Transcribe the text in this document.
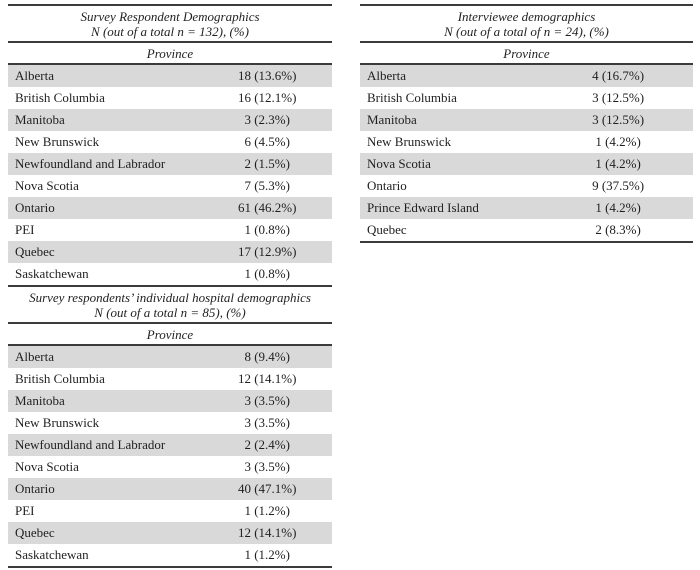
Survey Respondent Demographics
N (out of a total n = 132), (%)
Province
Alberta	18 (13.6%)
British Columbia	16 (12.1%)
Manitoba	3 (2.3%)
New Brunswick	6 (4.5%)
Newfoundland and Labrador	2 (1.5%)
Nova Scotia	7 (5.3%)
Ontario	61 (46.2%)
PEI	1 (0.8%)
Quebec	17 (12.9%)
Saskatchewan	1 (0.8%)
Survey respondents’ individual hospital demographics
N (out of a total n = 85), (%)
Province
Alberta	8 (9.4%)
British Columbia	12 (14.1%)
Manitoba	3 (3.5%)
New Brunswick	3 (3.5%)
Newfoundland and Labrador	2 (2.4%)
Nova Scotia	3 (3.5%)
Ontario	40 (47.1%)
PEI	1 (1.2%)
Quebec	12 (14.1%)
Saskatchewan	1 (1.2%)
Interviewee demographics
N (out of a total of n = 24), (%)
Province
Alberta	4 (16.7%)
British Columbia	3 (12.5%)
Manitoba	3 (12.5%)
New Brunswick	1 (4.2%)
Nova Scotia	1 (4.2%)
Ontario	9 (37.5%)
Prince Edward Island	1 (4.2%)
Quebec	2 (8.3%)
